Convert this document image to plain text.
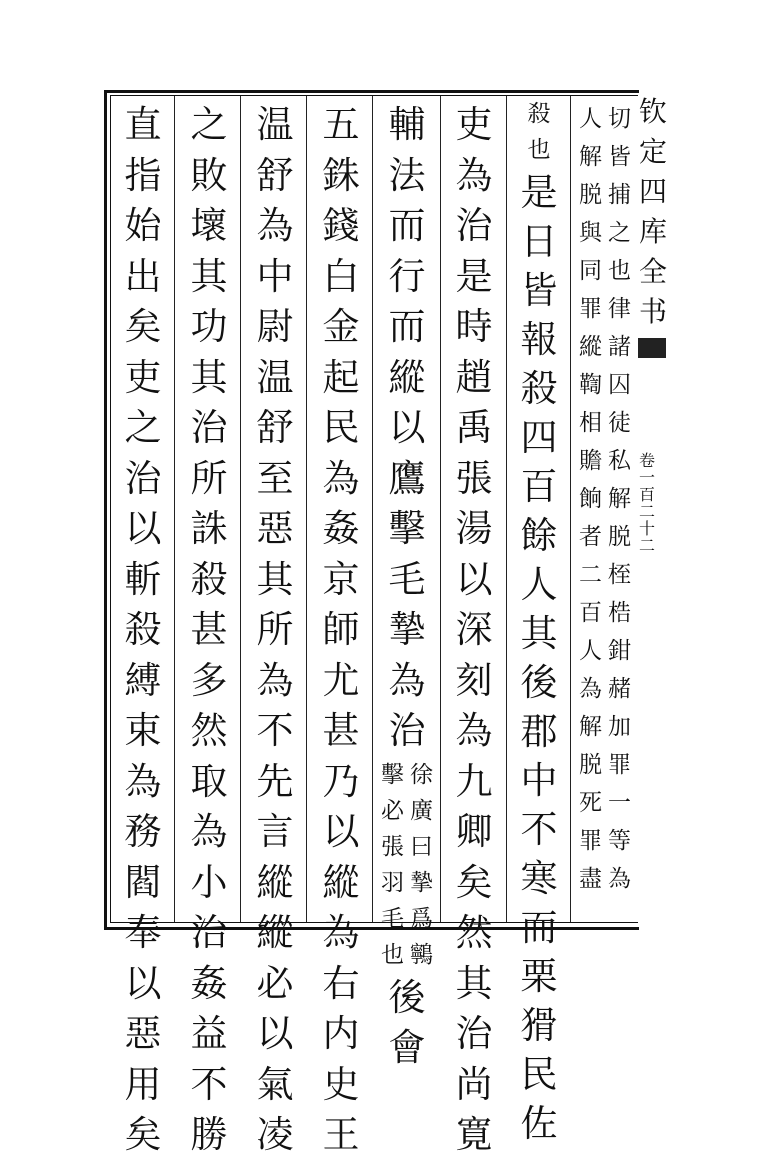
钦
定
四
库
全
书
卷
一
百
二
十
二
切
皆
捕
之
也
律
諸
囚
徒
私
解
脱
桎
梏
鉗
赭
加
罪
一
等
為
人
解
脱
與
同
罪
縱
鞫
相
贍
餉
者
二
百
人
為
解
脱
死
罪
盡
殺
也
是
日
皆
報
殺
四
百
餘
人
其
後
郡
中
不
寒
而
栗
猾
民
佐
吏
為
治
是
時
趙
禹
張
湯
以
深
刻
為
九
卿
矣
然
其
治
尚
寛
輔
法
而
行
而
縱
以
鷹
擊
毛
摯
為
治
徐
廣
曰
摯
爲
鸋
擊
必
張
羽
毛
也
後
會
五
銖
錢
白
金
起
民
為
姦
京
師
尤
甚
乃
以
縱
為
右
内
史
王
温
舒
為
中
尉
温
舒
至
惡
其
所
為
不
先
言
縱
縱
必
以
氣
凌
之
敗
壞
其
功
其
治
所
誅
殺
甚
多
然
取
為
小
治
姦
益
不
勝
直
指
始
出
矣
吏
之
治
以
斬
殺
縛
束
為
務
閻
奉
以
惡
用
矣
